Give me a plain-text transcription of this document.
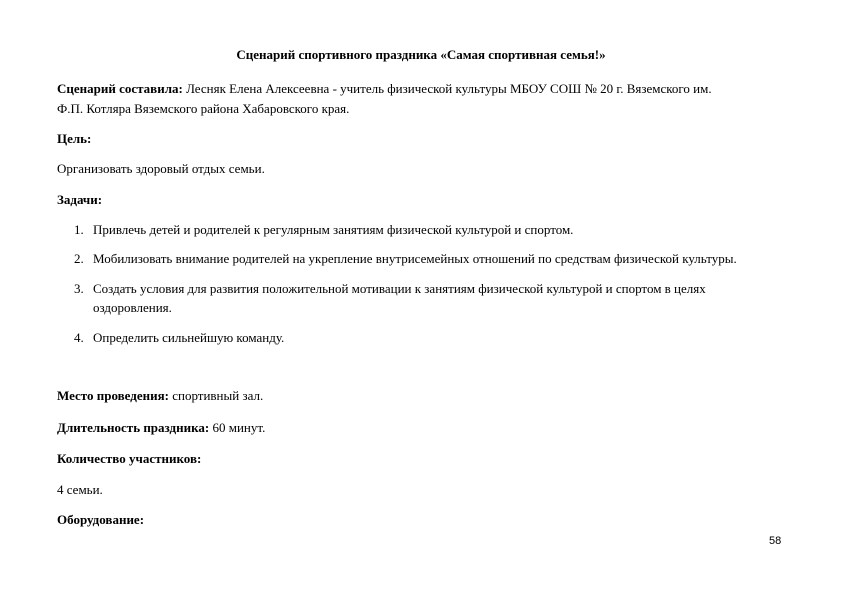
Сценарий спортивного праздника «Самая спортивная семья!»
Сценарий составила: Лесняк Елена Алексеевна - учитель физической культуры МБОУ СОШ № 20 г. Вяземского им.
Ф.П. Котляра Вяземского района Хабаровского края.
Цель:
Организовать здоровый отдых семьи.
Задачи:
1. Привлечь детей и родителей к регулярным занятиям физической культурой и спортом.
2. Мобилизовать внимание родителей на укрепление внутрисемейных отношений по средствам физической культуры.
3. Создать условия для развития положительной мотивации к занятиям физической культурой и спортом в целях
оздоровления.
4. Определить сильнейшую команду.
Место проведения: спортивный зал.
Длительность праздника: 60 минут.
Количество участников:
4 семьи.
Оборудование:
58
